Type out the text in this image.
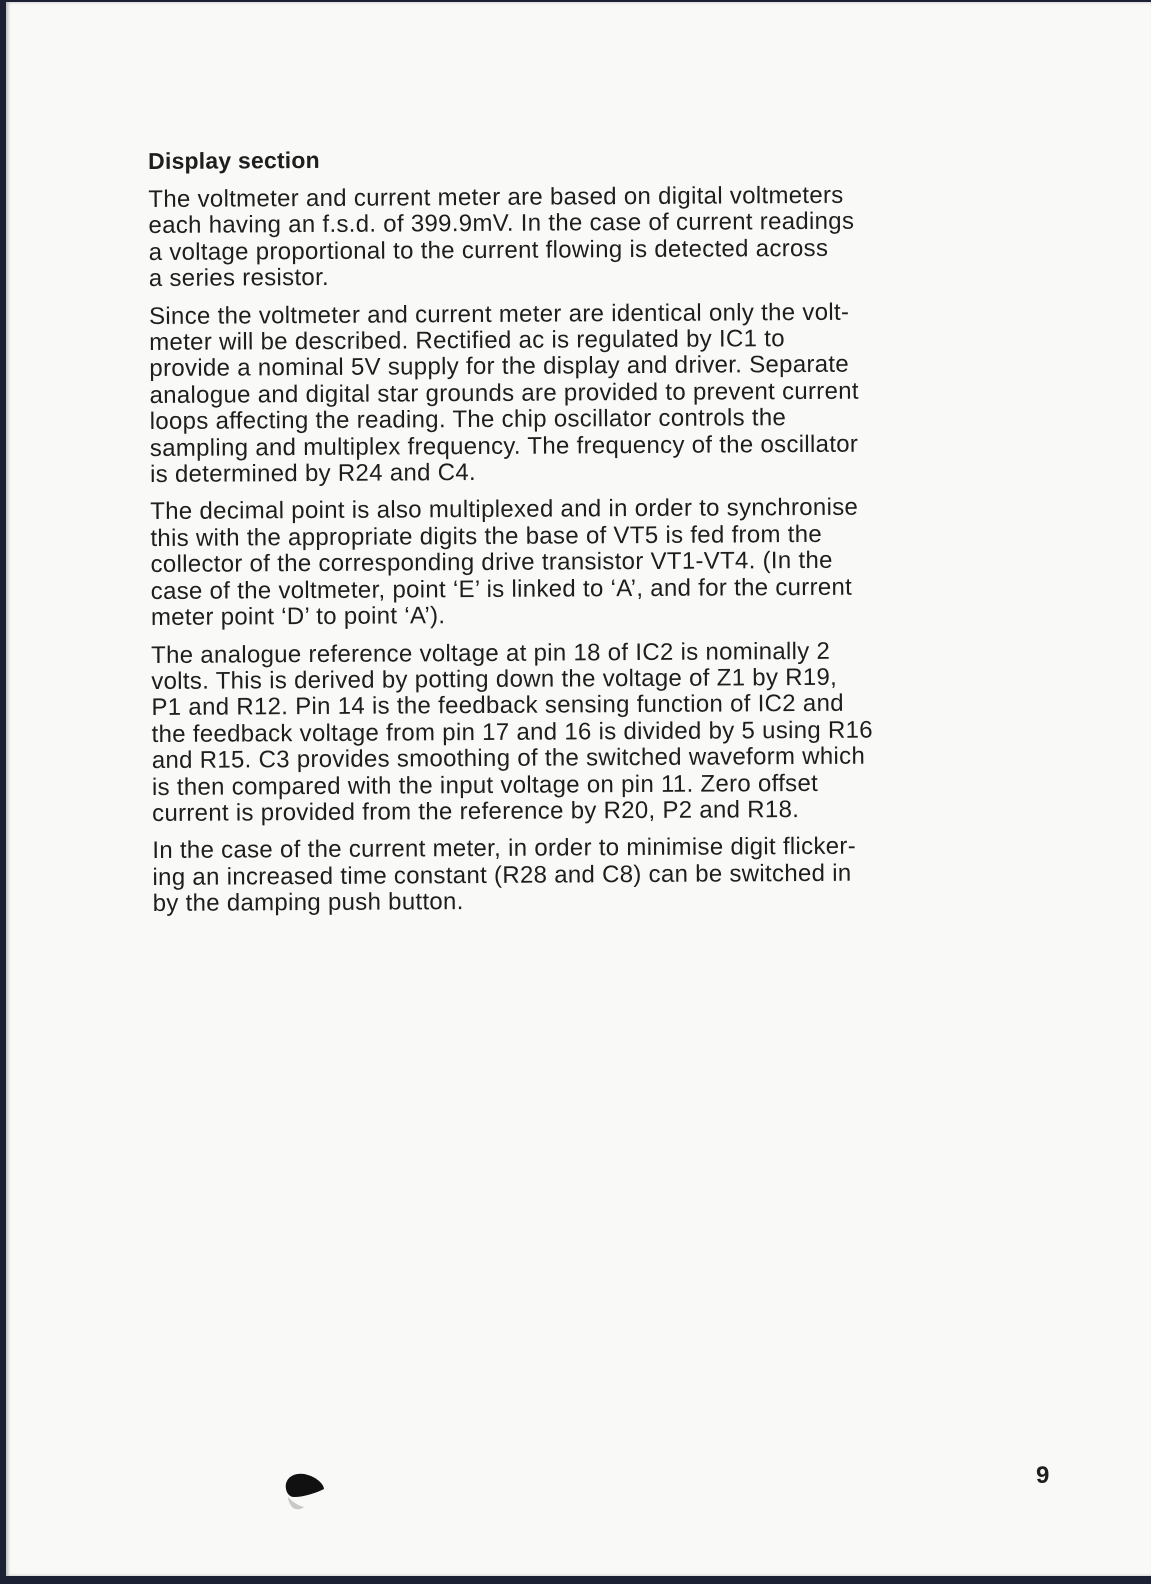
Display section
The voltmeter and current meter are based on digital voltmeters
each having an f.s.d. of 399.9mV. In the case of current readings
a voltage proportional to the current flowing is detected across
a series resistor.
Since the voltmeter and current meter are identical only the volt-
meter will be described. Rectified ac is regulated by IC1 to
provide a nominal 5V supply for the display and driver. Separate
analogue and digital star grounds are provided to prevent current
loops affecting the reading. The chip oscillator controls the
sampling and multiplex frequency. The frequency of the oscillator
is determined by R24 and C4.
The decimal point is also multiplexed and in order to synchronise
this with the appropriate digits the base of VT5 is fed from the
collector of the corresponding drive transistor VT1-VT4. (In the
case of the voltmeter, point ‘E’ is linked to ‘A’, and for the current
meter point ‘D’ to point ‘A’).
The analogue reference voltage at pin 18 of IC2 is nominally 2
volts. This is derived by potting down the voltage of Z1 by R19,
P1 and R12. Pin 14 is the feedback sensing function of IC2 and
the feedback voltage from pin 17 and 16 is divided by 5 using R16
and R15. C3 provides smoothing of the switched waveform which
is then compared with the input voltage on pin 11. Zero offset
current is provided from the reference by R20, P2 and R18.
In the case of the current meter, in order to minimise digit flicker-
ing an increased time constant (R28 and C8) can be switched in
by the damping push button.
9
